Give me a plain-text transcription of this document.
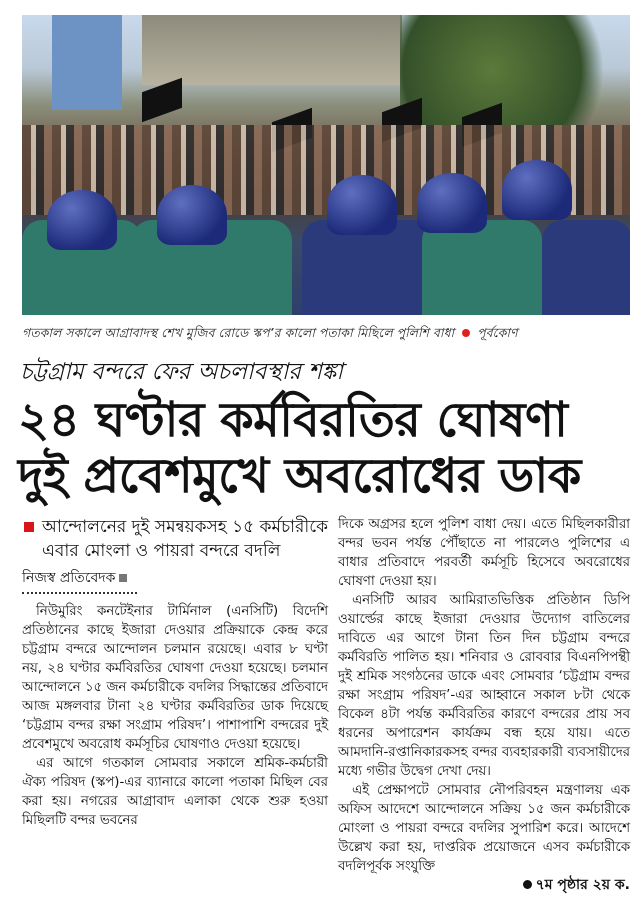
গতকাল সকালে আগ্রাবাদস্থ শেখ মুজিব রোডে স্কপ’র কালো পতাকা মিছিলে পুলিশি বাধা পূর্বকোণ
চট্টগ্রাম বন্দরে ফের অচলাবস্থার শঙ্কা
২৪ ঘণ্টার কর্মবিরতির ঘোষণা
দুই প্রবেশমুখে অবরোধের ডাক
আন্দোলনের দুই সমন্বয়কসহ ১৫ কর্মচারীকে এবার মোংলা ও পায়রা বন্দরে বদলি
নিজস্ব প্রতিবেদক

নিউমুরিং কনটেইনার টার্মিনাল (এনসিটি) বিদেশি প্রতিষ্ঠানের কাছে ইজারা দেওয়ার প্রক্রিয়াকে কেন্দ্র করে চট্টগ্রাম বন্দরে আন্দোলন চলমান রয়েছে। এবার ৮ ঘণ্টা নয়, ২৪ ঘণ্টার কর্মবিরতির ঘোষণা দেওয়া হয়েছে। চলমান আন্দোলনে ১৫ জন কর্মচারীকে বদলির সিদ্ধান্তের প্রতিবাদে আজ মঙ্গলবার টানা ২৪ ঘণ্টার কর্মবিরতির ডাক দিয়েছে ‘চট্টগ্রাম বন্দর রক্ষা সংগ্রাম পরিষদ’। পাশাপাশি বন্দরের দুই প্রবেশমুখে অবরোধ কর্মসূচির ঘোষণাও দেওয়া হয়েছে।

এর আগে গতকাল সোমবার সকালে শ্রমিক-কর্মচারী ঐক্য পরিষদ (স্কপ)-এর ব্যানারে কালো পতাকা মিছিল বের করা হয়। নগরের আগ্রাবাদ এলাকা থেকে শুরু হওয়া মিছিলটি বন্দর ভবনের

দিকে অগ্রসর হলে পুলিশ বাধা দেয়। এতে মিছিলকারীরা বন্দর ভবন পর্যন্ত পৌঁছাতে না পারলেও পুলিশের এ বাধার প্রতিবাদে পরবর্তী কর্মসূচি হিসেবে অবরোধের ঘোষণা দেওয়া হয়।

এনসিটি আরব আমিরাতভিত্তিক প্রতিষ্ঠান ডিপি ওয়ার্ল্ডের কাছে ইজারা দেওয়ার উদ্যোগ বাতিলের দাবিতে এর আগে টানা তিন দিন চট্টগ্রাম বন্দরে কর্মবিরতি পালিত হয়। শনিবার ও রোববার বিএনপিপন্থী দুই শ্রমিক সংগঠনের ডাকে এবং সোমবার ‘চট্টগ্রাম বন্দর রক্ষা সংগ্রাম পরিষদ’-এর আহ্বানে সকাল ৮টা থেকে বিকেল ৪টা পর্যন্ত কর্মবিরতির কারণে বন্দরের প্রায় সব ধরনের অপারেশন কার্যক্রম বন্ধ হয়ে যায়। এতে আমদানি-রপ্তানিকারকসহ বন্দর ব্যবহারকারী ব্যবসায়ীদের মধ্যে গভীর উদ্বেগ দেখা দেয়।

এই প্রেক্ষাপটে সোমবার নৌপরিবহন মন্ত্রণালয় এক অফিস আদেশে আন্দোলনে সক্রিয় ১৫ জন কর্মচারীকে মোংলা ও পায়রা বন্দরে বদলির সুপারিশ করে। আদেশে উল্লেখ করা হয়, দাপ্তরিক প্রয়োজনে এসব কর্মচারীকে বদলিপূর্বক সংযুক্তি

৭ম পৃষ্ঠার ২য় ক.
